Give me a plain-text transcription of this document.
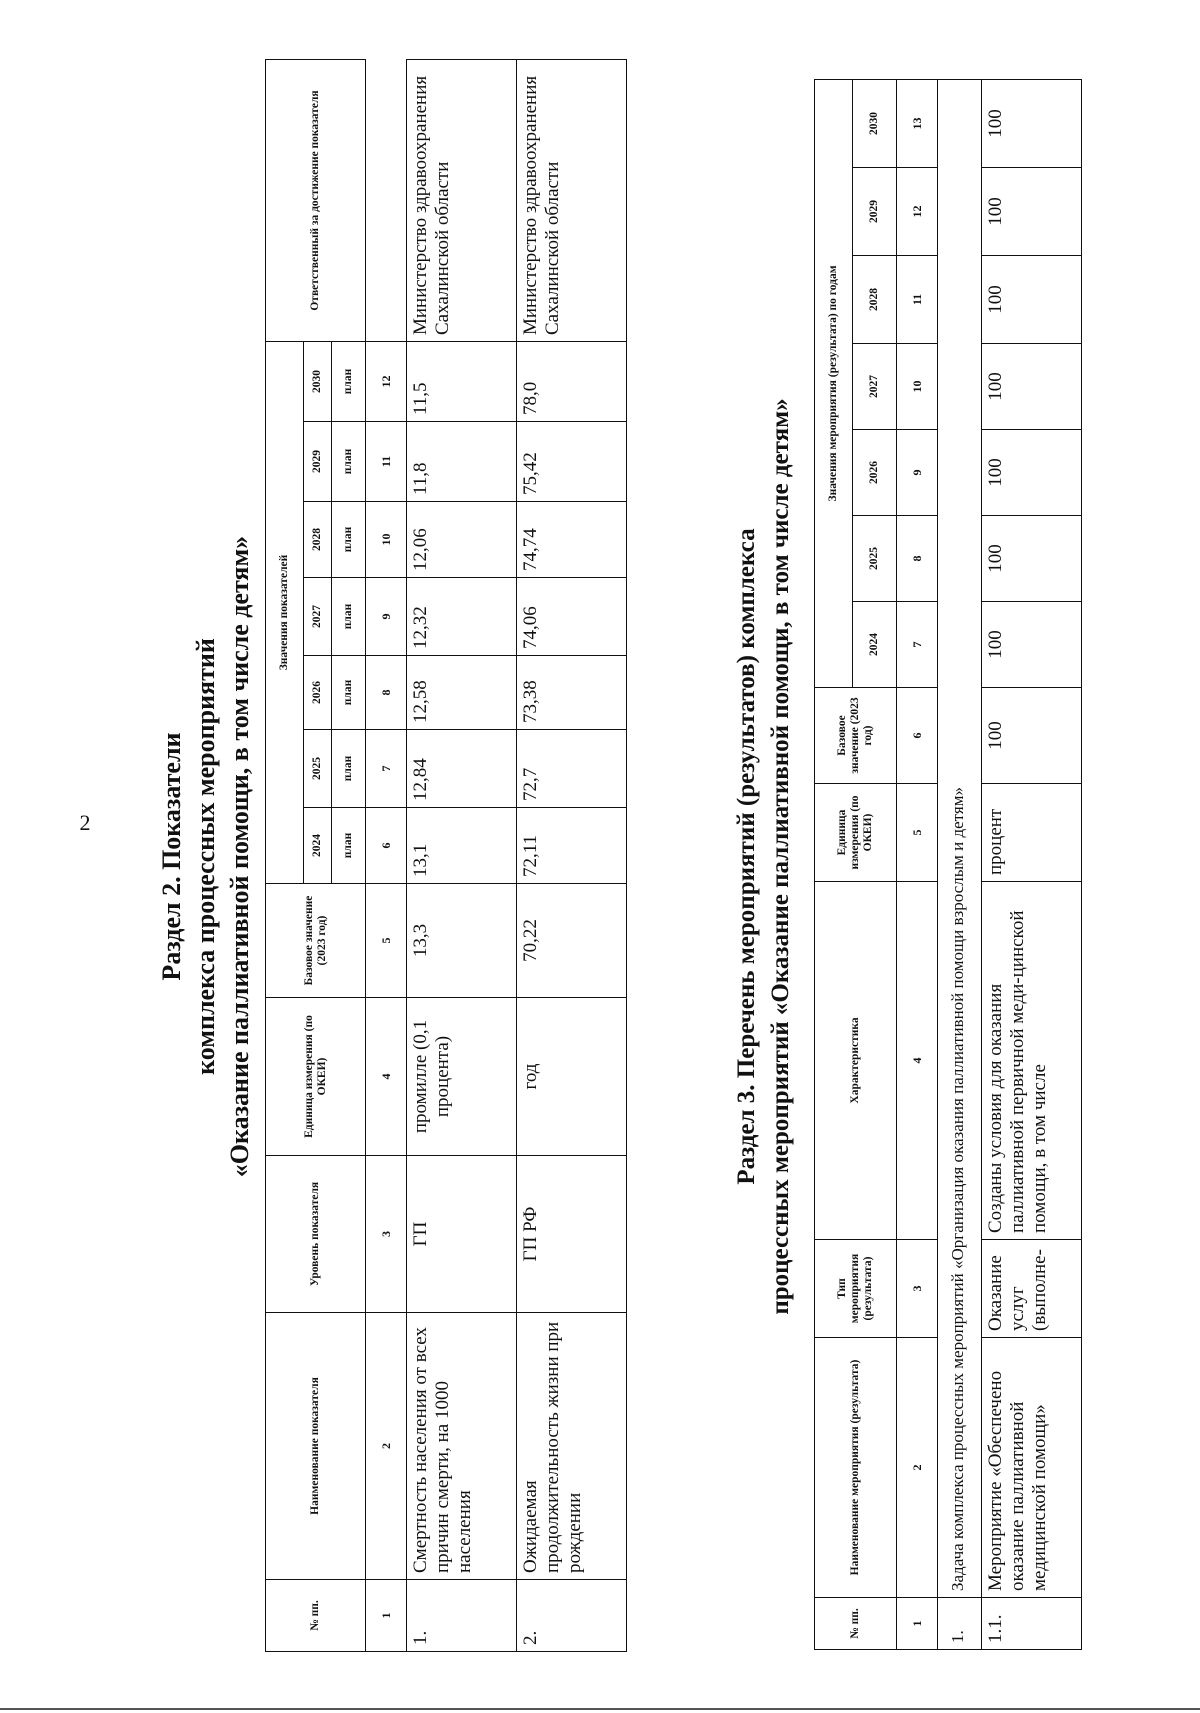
2	Раздел 2. Показатели комплекса процессных мероприятий «Оказание паллиативной помощи, в том числе детям»
№ пп.	Наименование показателя	Уровень показателя	Единица измерения (по ОКЕИ)	Базовое значение (2023 год)	Значения показателей							Ответственный за достижение показателя
					2024	2025	2026	2027	2028	2029	2030	
					план	план	план	план	план	план	план	
1	2	3	4	5	6	7	8	9	10	11	12
1.	Смертность населения от всех причин смерти, на 1000 населения	ГП	промилле (0,1 процента)	13,3	13,1	12,84	12,58	12,32	12,06	11,8	11,5	Министерство здравоохранения Сахалинской области
2.	Ожидаемая продолжительность жизни при рождении	ГП РФ	год	70,22	72,11	72,7	73,38	74,06	74,74	75,42	78,0	Министерство здравоохранения Сахалинской области
Раздел 3. Перечень мероприятий (результатов) комплекса процессных мероприятий «Оказание паллиативной помощи, в том числе детям»
№ пп.	Наименование мероприятия (результата)	Тип мероприятия (результата)	Характеристика	Единица измерения (по ОКЕИ)	Базовое значение (2023 год)	Значения мероприятия (результата) по годам						
						2024	2025	2026	2027	2028	2029	2030
1	2	3	4	5	6	7	8	9	10	11	12	13
1.	Задача комплекса процессных мероприятий «Организация оказания паллиативной помощи взрослым и детям»											
1.1.	Мероприятие «Обеспечено оказание паллиативной медицинской помощи»	Оказание услуг (выполне-	Созданы условия для оказания паллиативной первичной меди-цинской помощи, в том числе	процент	100	100	100	100	100	100	100	100
